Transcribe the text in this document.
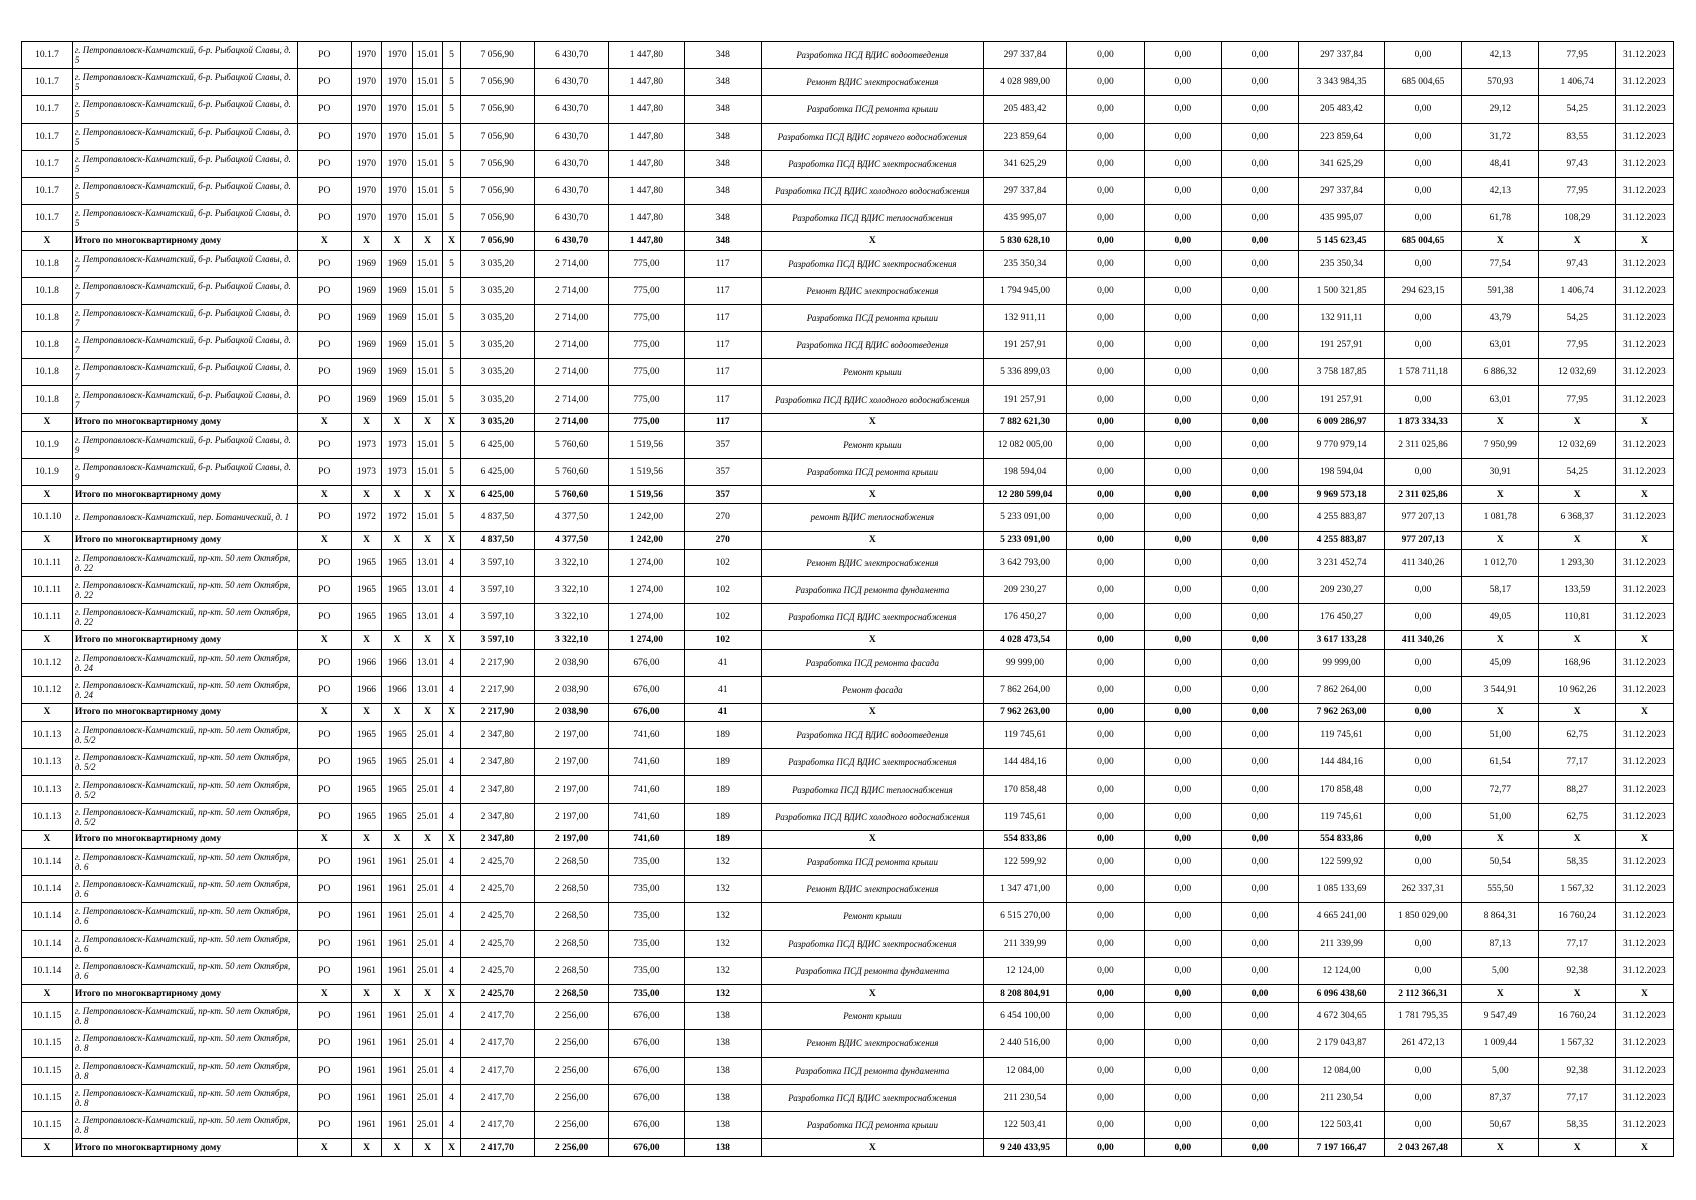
10.1.7	г. Петропавловск-Камчатский, б-р. Рыбацкой Славы, д. 5	РО	1970	1970	15.01	5	7 056,90	6 430,70	1 447,80	348	Разработка ПСД ВДИС водоотведения	297 337,84	0,00	0,00	0,00	297 337,84	0,00	42,13	77,95	31.12.2023
10.1.7	г. Петропавловск-Камчатский, б-р. Рыбацкой Славы, д. 5	РО	1970	1970	15.01	5	7 056,90	6 430,70	1 447,80	348	Ремонт ВДИС электроснабжения	4 028 989,00	0,00	0,00	0,00	3 343 984,35	685 004,65	570,93	1 406,74	31.12.2023
10.1.7	г. Петропавловск-Камчатский, б-р. Рыбацкой Славы, д. 5	РО	1970	1970	15.01	5	7 056,90	6 430,70	1 447,80	348	Разработка ПСД ремонта крыши	205 483,42	0,00	0,00	0,00	205 483,42	0,00	29,12	54,25	31.12.2023
10.1.7	г. Петропавловск-Камчатский, б-р. Рыбацкой Славы, д. 5	РО	1970	1970	15.01	5	7 056,90	6 430,70	1 447,80	348	Разработка ПСД ВДИС горячего водоснабжения	223 859,64	0,00	0,00	0,00	223 859,64	0,00	31,72	83,55	31.12.2023
10.1.7	г. Петропавловск-Камчатский, б-р. Рыбацкой Славы, д. 5	РО	1970	1970	15.01	5	7 056,90	6 430,70	1 447,80	348	Разработка ПСД ВДИС электроснабжения	341 625,29	0,00	0,00	0,00	341 625,29	0,00	48,41	97,43	31.12.2023
10.1.7	г. Петропавловск-Камчатский, б-р. Рыбацкой Славы, д. 5	РО	1970	1970	15.01	5	7 056,90	6 430,70	1 447,80	348	Разработка ПСД ВДИС холодного водоснабжения	297 337,84	0,00	0,00	0,00	297 337,84	0,00	42,13	77,95	31.12.2023
10.1.7	г. Петропавловск-Камчатский, б-р. Рыбацкой Славы, д. 5	РО	1970	1970	15.01	5	7 056,90	6 430,70	1 447,80	348	Разработка ПСД ВДИС теплоснабжения	435 995,07	0,00	0,00	0,00	435 995,07	0,00	61,78	108,29	31.12.2023
X	Итого по многоквартирному дому	X	X	X	X	X	7 056,90	6 430,70	1 447,80	348	X	5 830 628,10	0,00	0,00	0,00	5 145 623,45	685 004,65	X	X	X
10.1.8	г. Петропавловск-Камчатский, б-р. Рыбацкой Славы, д. 7	РО	1969	1969	15.01	5	3 035,20	2 714,00	775,00	117	Разработка ПСД ВДИС электроснабжения	235 350,34	0,00	0,00	0,00	235 350,34	0,00	77,54	97,43	31.12.2023
10.1.8	г. Петропавловск-Камчатский, б-р. Рыбацкой Славы, д. 7	РО	1969	1969	15.01	5	3 035,20	2 714,00	775,00	117	Ремонт ВДИС электроснабжения	1 794 945,00	0,00	0,00	0,00	1 500 321,85	294 623,15	591,38	1 406,74	31.12.2023
10.1.8	г. Петропавловск-Камчатский, б-р. Рыбацкой Славы, д. 7	РО	1969	1969	15.01	5	3 035,20	2 714,00	775,00	117	Разработка ПСД ремонта крыши	132 911,11	0,00	0,00	0,00	132 911,11	0,00	43,79	54,25	31.12.2023
10.1.8	г. Петропавловск-Камчатский, б-р. Рыбацкой Славы, д. 7	РО	1969	1969	15.01	5	3 035,20	2 714,00	775,00	117	Разработка ПСД ВДИС водоотведения	191 257,91	0,00	0,00	0,00	191 257,91	0,00	63,01	77,95	31.12.2023
10.1.8	г. Петропавловск-Камчатский, б-р. Рыбацкой Славы, д. 7	РО	1969	1969	15.01	5	3 035,20	2 714,00	775,00	117	Ремонт крыши	5 336 899,03	0,00	0,00	0,00	3 758 187,85	1 578 711,18	6 886,32	12 032,69	31.12.2023
10.1.8	г. Петропавловск-Камчатский, б-р. Рыбацкой Славы, д. 7	РО	1969	1969	15.01	5	3 035,20	2 714,00	775,00	117	Разработка ПСД ВДИС холодного водоснабжения	191 257,91	0,00	0,00	0,00	191 257,91	0,00	63,01	77,95	31.12.2023
X	Итого по многоквартирному дому	X	X	X	X	X	3 035,20	2 714,00	775,00	117	X	7 882 621,30	0,00	0,00	0,00	6 009 286,97	1 873 334,33	X	X	X
10.1.9	г. Петропавловск-Камчатский, б-р. Рыбацкой Славы, д. 9	РО	1973	1973	15.01	5	6 425,00	5 760,60	1 519,56	357	Ремонт крыши	12 082 005,00	0,00	0,00	0,00	9 770 979,14	2 311 025,86	7 950,99	12 032,69	31.12.2023
10.1.9	г. Петропавловск-Камчатский, б-р. Рыбацкой Славы, д. 9	РО	1973	1973	15.01	5	6 425,00	5 760,60	1 519,56	357	Разработка ПСД ремонта крыши	198 594,04	0,00	0,00	0,00	198 594,04	0,00	30,91	54,25	31.12.2023
X	Итого по многоквартирному дому	X	X	X	X	X	6 425,00	5 760,60	1 519,56	357	X	12 280 599,04	0,00	0,00	0,00	9 969 573,18	2 311 025,86	X	X	X
10.1.10	г. Петропавловск-Камчатский, пер. Ботанический, д. 1	РО	1972	1972	15.01	5	4 837,50	4 377,50	1 242,00	270	ремонт ВДИС теплоснабжения	5 233 091,00	0,00	0,00	0,00	4 255 883,87	977 207,13	1 081,78	6 368,37	31.12.2023
X	Итого по многоквартирному дому	X	X	X	X	X	4 837,50	4 377,50	1 242,00	270	X	5 233 091,00	0,00	0,00	0,00	4 255 883,87	977 207,13	X	X	X
10.1.11	г. Петропавловск-Камчатский, пр-кт. 50 лет Октября, д. 22	РО	1965	1965	13.01	4	3 597,10	3 322,10	1 274,00	102	Ремонт ВДИС электроснабжения	3 642 793,00	0,00	0,00	0,00	3 231 452,74	411 340,26	1 012,70	1 293,30	31.12.2023
10.1.11	г. Петропавловск-Камчатский, пр-кт. 50 лет Октября, д. 22	РО	1965	1965	13.01	4	3 597,10	3 322,10	1 274,00	102	Разработка ПСД ремонта фундамента	209 230,27	0,00	0,00	0,00	209 230,27	0,00	58,17	133,59	31.12.2023
10.1.11	г. Петропавловск-Камчатский, пр-кт. 50 лет Октября, д. 22	РО	1965	1965	13.01	4	3 597,10	3 322,10	1 274,00	102	Разработка ПСД ВДИС электроснабжения	176 450,27	0,00	0,00	0,00	176 450,27	0,00	49,05	110,81	31.12.2023
X	Итого по многоквартирному дому	X	X	X	X	X	3 597,10	3 322,10	1 274,00	102	X	4 028 473,54	0,00	0,00	0,00	3 617 133,28	411 340,26	X	X	X
10.1.12	г. Петропавловск-Камчатский, пр-кт. 50 лет Октября, д. 24	РО	1966	1966	13.01	4	2 217,90	2 038,90	676,00	41	Разработка ПСД ремонта фасада	99 999,00	0,00	0,00	0,00	99 999,00	0,00	45,09	168,96	31.12.2023
10.1.12	г. Петропавловск-Камчатский, пр-кт. 50 лет Октября, д. 24	РО	1966	1966	13.01	4	2 217,90	2 038,90	676,00	41	Ремонт фасада	7 862 264,00	0,00	0,00	0,00	7 862 264,00	0,00	3 544,91	10 962,26	31.12.2023
X	Итого по многоквартирному дому	X	X	X	X	X	2 217,90	2 038,90	676,00	41	X	7 962 263,00	0,00	0,00	0,00	7 962 263,00	0,00	X	X	X
10.1.13	г. Петропавловск-Камчатский, пр-кт. 50 лет Октября, д. 5/2	РО	1965	1965	25.01	4	2 347,80	2 197,00	741,60	189	Разработка ПСД ВДИС водоотведения	119 745,61	0,00	0,00	0,00	119 745,61	0,00	51,00	62,75	31.12.2023
10.1.13	г. Петропавловск-Камчатский, пр-кт. 50 лет Октября, д. 5/2	РО	1965	1965	25.01	4	2 347,80	2 197,00	741,60	189	Разработка ПСД ВДИС электроснабжения	144 484,16	0,00	0,00	0,00	144 484,16	0,00	61,54	77,17	31.12.2023
10.1.13	г. Петропавловск-Камчатский, пр-кт. 50 лет Октября, д. 5/2	РО	1965	1965	25.01	4	2 347,80	2 197,00	741,60	189	Разработка ПСД ВДИС теплоснабжения	170 858,48	0,00	0,00	0,00	170 858,48	0,00	72,77	88,27	31.12.2023
10.1.13	г. Петропавловск-Камчатский, пр-кт. 50 лет Октября, д. 5/2	РО	1965	1965	25.01	4	2 347,80	2 197,00	741,60	189	Разработка ПСД ВДИС холодного водоснабжения	119 745,61	0,00	0,00	0,00	119 745,61	0,00	51,00	62,75	31.12.2023
X	Итого по многоквартирному дому	X	X	X	X	X	2 347,80	2 197,00	741,60	189	X	554 833,86	0,00	0,00	0,00	554 833,86	0,00	X	X	X
10.1.14	г. Петропавловск-Камчатский, пр-кт. 50 лет Октября, д. 6	РО	1961	1961	25.01	4	2 425,70	2 268,50	735,00	132	Разработка ПСД ремонта крыши	122 599,92	0,00	0,00	0,00	122 599,92	0,00	50,54	58,35	31.12.2023
10.1.14	г. Петропавловск-Камчатский, пр-кт. 50 лет Октября, д. 6	РО	1961	1961	25.01	4	2 425,70	2 268,50	735,00	132	Ремонт ВДИС электроснабжения	1 347 471,00	0,00	0,00	0,00	1 085 133,69	262 337,31	555,50	1 567,32	31.12.2023
10.1.14	г. Петропавловск-Камчатский, пр-кт. 50 лет Октября, д. 6	РО	1961	1961	25.01	4	2 425,70	2 268,50	735,00	132	Ремонт крыши	6 515 270,00	0,00	0,00	0,00	4 665 241,00	1 850 029,00	8 864,31	16 760,24	31.12.2023
10.1.14	г. Петропавловск-Камчатский, пр-кт. 50 лет Октября, д. 6	РО	1961	1961	25.01	4	2 425,70	2 268,50	735,00	132	Разработка ПСД ВДИС электроснабжения	211 339,99	0,00	0,00	0,00	211 339,99	0,00	87,13	77,17	31.12.2023
10.1.14	г. Петропавловск-Камчатский, пр-кт. 50 лет Октября, д. 6	РО	1961	1961	25.01	4	2 425,70	2 268,50	735,00	132	Разработка ПСД ремонта фундамента	12 124,00	0,00	0,00	0,00	12 124,00	0,00	5,00	92,38	31.12.2023
X	Итого по многоквартирному дому	X	X	X	X	X	2 425,70	2 268,50	735,00	132	X	8 208 804,91	0,00	0,00	0,00	6 096 438,60	2 112 366,31	X	X	X
10.1.15	г. Петропавловск-Камчатский, пр-кт. 50 лет Октября, д. 8	РО	1961	1961	25.01	4	2 417,70	2 256,00	676,00	138	Ремонт крыши	6 454 100,00	0,00	0,00	0,00	4 672 304,65	1 781 795,35	9 547,49	16 760,24	31.12.2023
10.1.15	г. Петропавловск-Камчатский, пр-кт. 50 лет Октября, д. 8	РО	1961	1961	25.01	4	2 417,70	2 256,00	676,00	138	Ремонт ВДИС электроснабжения	2 440 516,00	0,00	0,00	0,00	2 179 043,87	261 472,13	1 009,44	1 567,32	31.12.2023
10.1.15	г. Петропавловск-Камчатский, пр-кт. 50 лет Октября, д. 8	РО	1961	1961	25.01	4	2 417,70	2 256,00	676,00	138	Разработка ПСД ремонта фундамента	12 084,00	0,00	0,00	0,00	12 084,00	0,00	5,00	92,38	31.12.2023
10.1.15	г. Петропавловск-Камчатский, пр-кт. 50 лет Октября, д. 8	РО	1961	1961	25.01	4	2 417,70	2 256,00	676,00	138	Разработка ПСД ВДИС электроснабжения	211 230,54	0,00	0,00	0,00	211 230,54	0,00	87,37	77,17	31.12.2023
10.1.15	г. Петропавловск-Камчатский, пр-кт. 50 лет Октября, д. 8	РО	1961	1961	25.01	4	2 417,70	2 256,00	676,00	138	Разработка ПСД ремонта крыши	122 503,41	0,00	0,00	0,00	122 503,41	0,00	50,67	58,35	31.12.2023
X	Итого по многоквартирному дому	X	X	X	X	X	2 417,70	2 256,00	676,00	138	X	9 240 433,95	0,00	0,00	0,00	7 197 166,47	2 043 267,48	X	X	X
